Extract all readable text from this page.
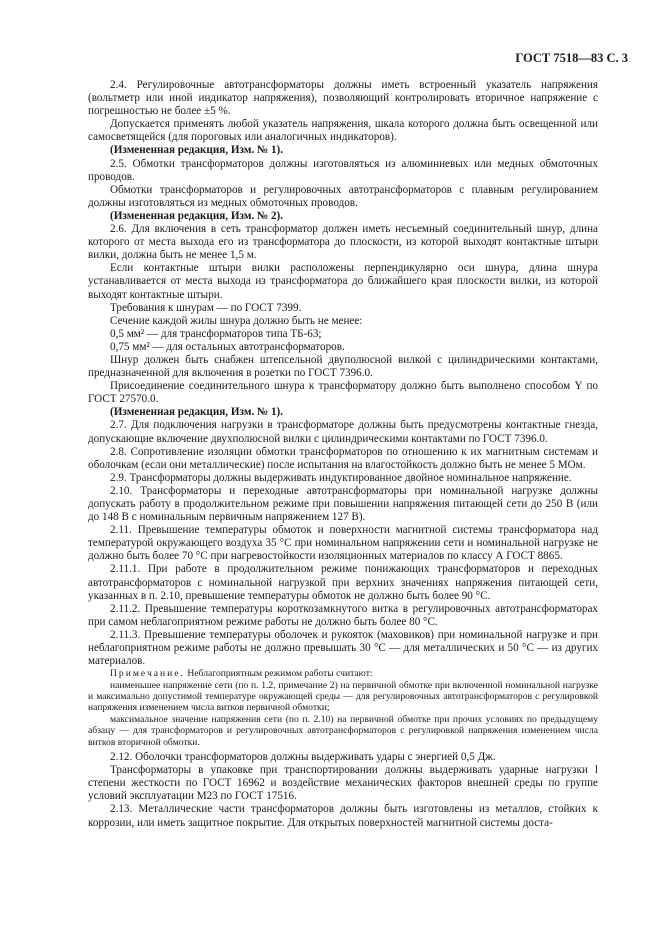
ГОСТ 7518—83 С. 3

2.4. Регулировочные автотрансформаторы должны иметь встроенный указатель напряжения (вольтметр или иной индикатор напряжения), позволяющий контролировать вторичное напряжение с погрешностью не более ±5 %.

Допускается применять любой указатель напряжения, шкала которого должна быть освещенной или самосветящейся (для пороговых или аналогичных индикаторов).

(Измененная редакция, Изм. № 1).

2.5. Обмотки трансформаторов должны изготовляться из алюминиевых или медных обмоточных проводов.

Обмотки трансформаторов и регулировочных автотрансформаторов с плавным регулированием должны изготовляться из медных обмоточных проводов.

(Измененная редакция, Изм. № 2).

2.6. Для включения в сеть трансформатор должен иметь несъемный соединительный шнур, длина которого от места выхода его из трансформатора до плоскости, из которой выходят контактные штыри вилки, должна быть не менее 1,5 м.

Если контактные штыри вилки расположены перпендикулярно оси шнура, длина шнура устанавливается от места выхода из трансформатора до ближайшего края плоскости вилки, из которой выходят контактные штыри.

Требования к шнурам — по ГОСТ 7399.

Сечение каждой жилы шнура должно быть не менее:

0,5 мм² — для трансформаторов типа ТБ-63;

0,75 мм² — для остальных автотрансформаторов.

Шнур должен быть снабжен штепсельной двуполюсной вилкой с цилиндрическими контактами, предназначенной для включения в розетки по ГОСТ 7396.0.

Присоединение соединительного шнура к трансформатору должно быть выполнено способом Y по ГОСТ 27570.0.

(Измененная редакция, Изм. № 1).

2.7. Для подключения нагрузки в трансформаторе должны быть предусмотрены контактные гнезда, допускающие включение двухполюсной вилки с цилиндрическими контактами по ГОСТ 7396.0.

2.8. Сопротивление изоляции обмотки трансформаторов по отношению к их магнитным системам и оболочкам (если они металлические) после испытания на влагостойкость должно быть не менее 5 МОм.

2.9. Трансформаторы должны выдерживать индуктированное двойное номинальное напряжение.

2.10. Трансформаторы и переходные автотрансформаторы при номинальной нагрузке должны допускать работу в продолжительном режиме при повышении напряжения питающей сети до 250 В (или до 148 В с номинальным первичным напряжением 127 В).

2.11. Превышение температуры обмоток и поверхности магнитной системы трансформатора над температурой окружающего воздуха 35 °С при номинальном напряжении сети и номинальной нагрузке не должно быть более 70 °С при нагревостойкости изоляционных материалов по классу А ГОСТ 8865.

2.11.1. При работе в продолжительном режиме понижающих трансформаторов и переходных автотрансформаторов с номинальной нагрузкой при верхних значениях напряжения питающей сети, указанных в п. 2.10, превышение температуры обмоток не должно быть более 90 °С.

2.11.2. Превышение температуры короткозамкнутого витка в регулировочных автотрансформаторах при самом неблагоприятном режиме работы не должно быть более 80 °С.

2.11.3. Превышение температуры оболочек и рукояток (маховиков) при номинальной нагрузке и при неблагоприятном режиме работы не должно превышать 30 °С — для металлических и 50 °С — из других материалов.

Примечание. Неблагоприятным режимом работы считают:

наименьшее напряжение сети (по п. 1.2, примечание 2) на первичной обмотке при включенной номинальной нагрузке и максимально допустимой температуре окружающей среды — для регулировочных автотрансформаторов с регулировкой напряжения изменением числа витков первичной обмотки;

максимальное значение напряжения сети (по п. 2.10) на первичной обмотке при прочих условиях по предыдущему абзацу — для трансформаторов и регулировочных автотрансформаторов с регулировкой напряжения изменением числа витков вторичной обмотки.

2.12. Оболочки трансформаторов должны выдерживать удары с энергией 0,5 Дж.

Трансформаторы в упаковке при транспортировании должны выдерживать ударные нагрузки l степени жесткости по ГОСТ 16962 и воздействие механических факторов внешней среды по группе условий эксплуатации М23 по ГОСТ 17516.

2.13. Металлические части трансформаторов должны быть изготовлены из металлов, стойких к коррозии, или иметь защитное покрытие. Для открытых поверхностей магнитной системы доста-
